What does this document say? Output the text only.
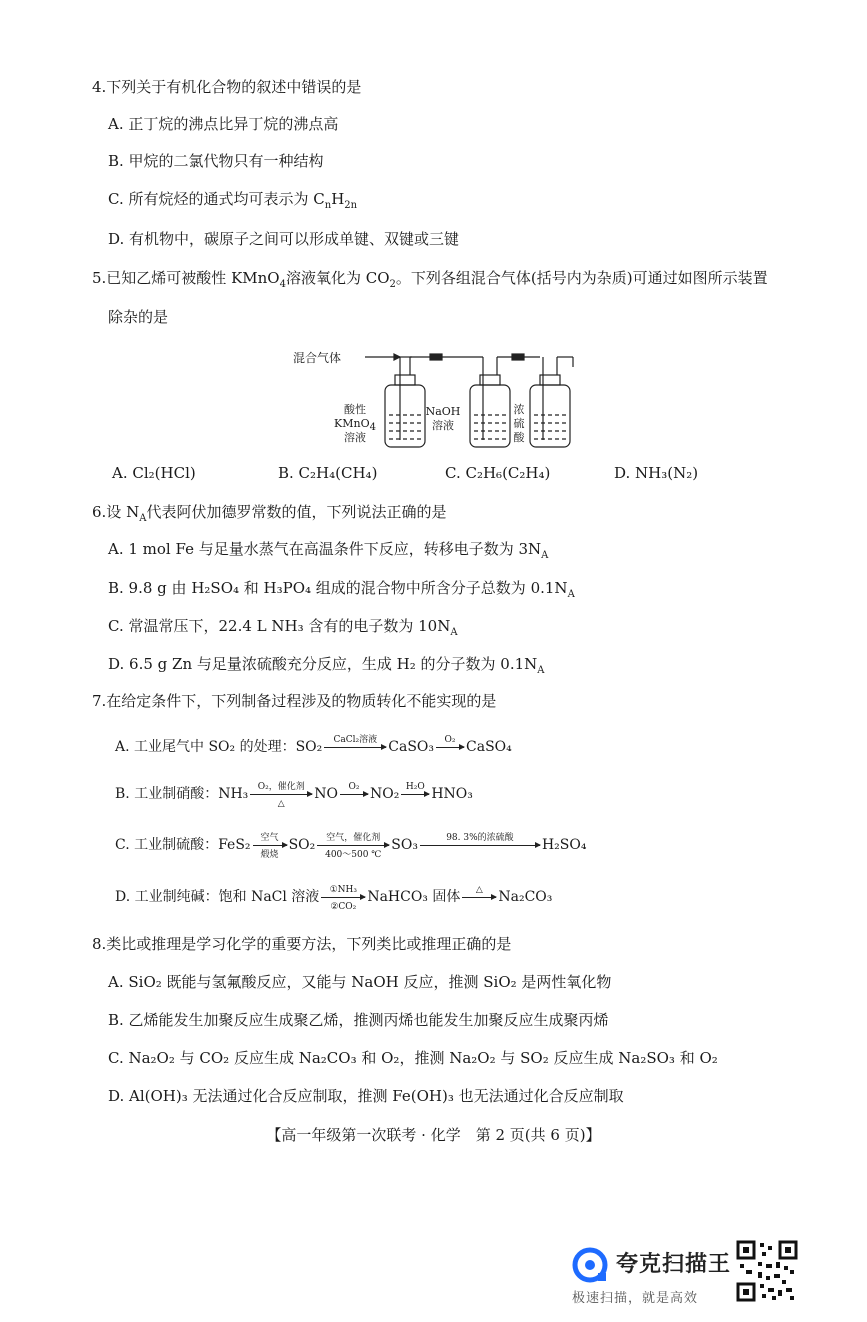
4.下列关于有机化合物的叙述中错误的是
A. 正丁烷的沸点比异丁烷的沸点高
B. 甲烷的二氯代物只有一种结构
C. 所有烷烃的通式均可表示为 $C_nH_{2n}$
D. 有机物中，碳原子之间可以形成单键、双键或三键
5.已知乙烯可被酸性 KMnO$_4$溶液氧化为 $CO_2$。下列各组混合气体(括号内为杂质)可通过如图所示装置
除杂的是
混合气体
酸性
KMnO$_4$
溶液
NaOH
溶液
浓
硫
酸
A. Cl₂(HCl)	B. C₂H₄(CH₄)	C. C₂H₆(C₂H₄)	D. NH₃(N₂)
6.设 $N_A$代表阿伏加德罗常数的值，下列说法正确的是
A. 1 mol Fe 与足量水蒸气在高温条件下反应，转移电子数为 $3N_A$
B. 9.8 g 由 H₂SO₄ 和 H₃PO₄ 组成的混合物中所含分子总数为 $0.1N_A$
C. 常温常压下，22.4 L NH₃ 含有的电子数为 $10N_A$
D. 6.5 g Zn 与足量浓硫酸充分反应，生成 H₂ 的分子数为 $0.1N_A$
7.在给定条件下，下列制备过程涉及的物质转化不能实现的是
A. 工业尾气中 SO₂ 的处理：SO₂	CaCl₂溶液 CaSO₃	O₂ CaSO₄
B. 工业制硝酸：NH₃	O₂，催化剂
△
NO	O₂ NO₂ H₂O HNO₃
C. 工业制硫酸：FeS₂	空气
煅烧
SO₂	空气，催化剂
400～500 ℃
SO₃	98. 3%的浓硫酸	H₂SO₄
D. 工业制纯碱：饱和 NaCl 溶液 $\frac{\text{①NH₃}}{\text{②CO₂}}$ NaHCO₃ 固体	△	Na₂CO₃
8.类比或推理是学习化学的重要方法，下列类比或推理正确的是
A. SiO₂ 既能与氢氟酸反应，又能与 NaOH 反应，推测 SiO₂ 是两性氧化物
B. 乙烯能发生加聚反应生成聚乙烯，推测丙烯也能发生加聚反应生成聚丙烯
C. Na₂O₂ 与 CO₂ 反应生成 Na₂CO₃ 和 O₂，推测 Na₂O₂ 与 SO₂ 反应生成 Na₂SO₃ 和 O₂
D. Al(OH)₃ 无法通过化合反应制取，推测 Fe(OH)₃ 也无法通过化合反应制取
【高一年级第一次联考 · 化学　第 2 页(共 6 页)】
夸克扫描王
极速扫描，就是高效
